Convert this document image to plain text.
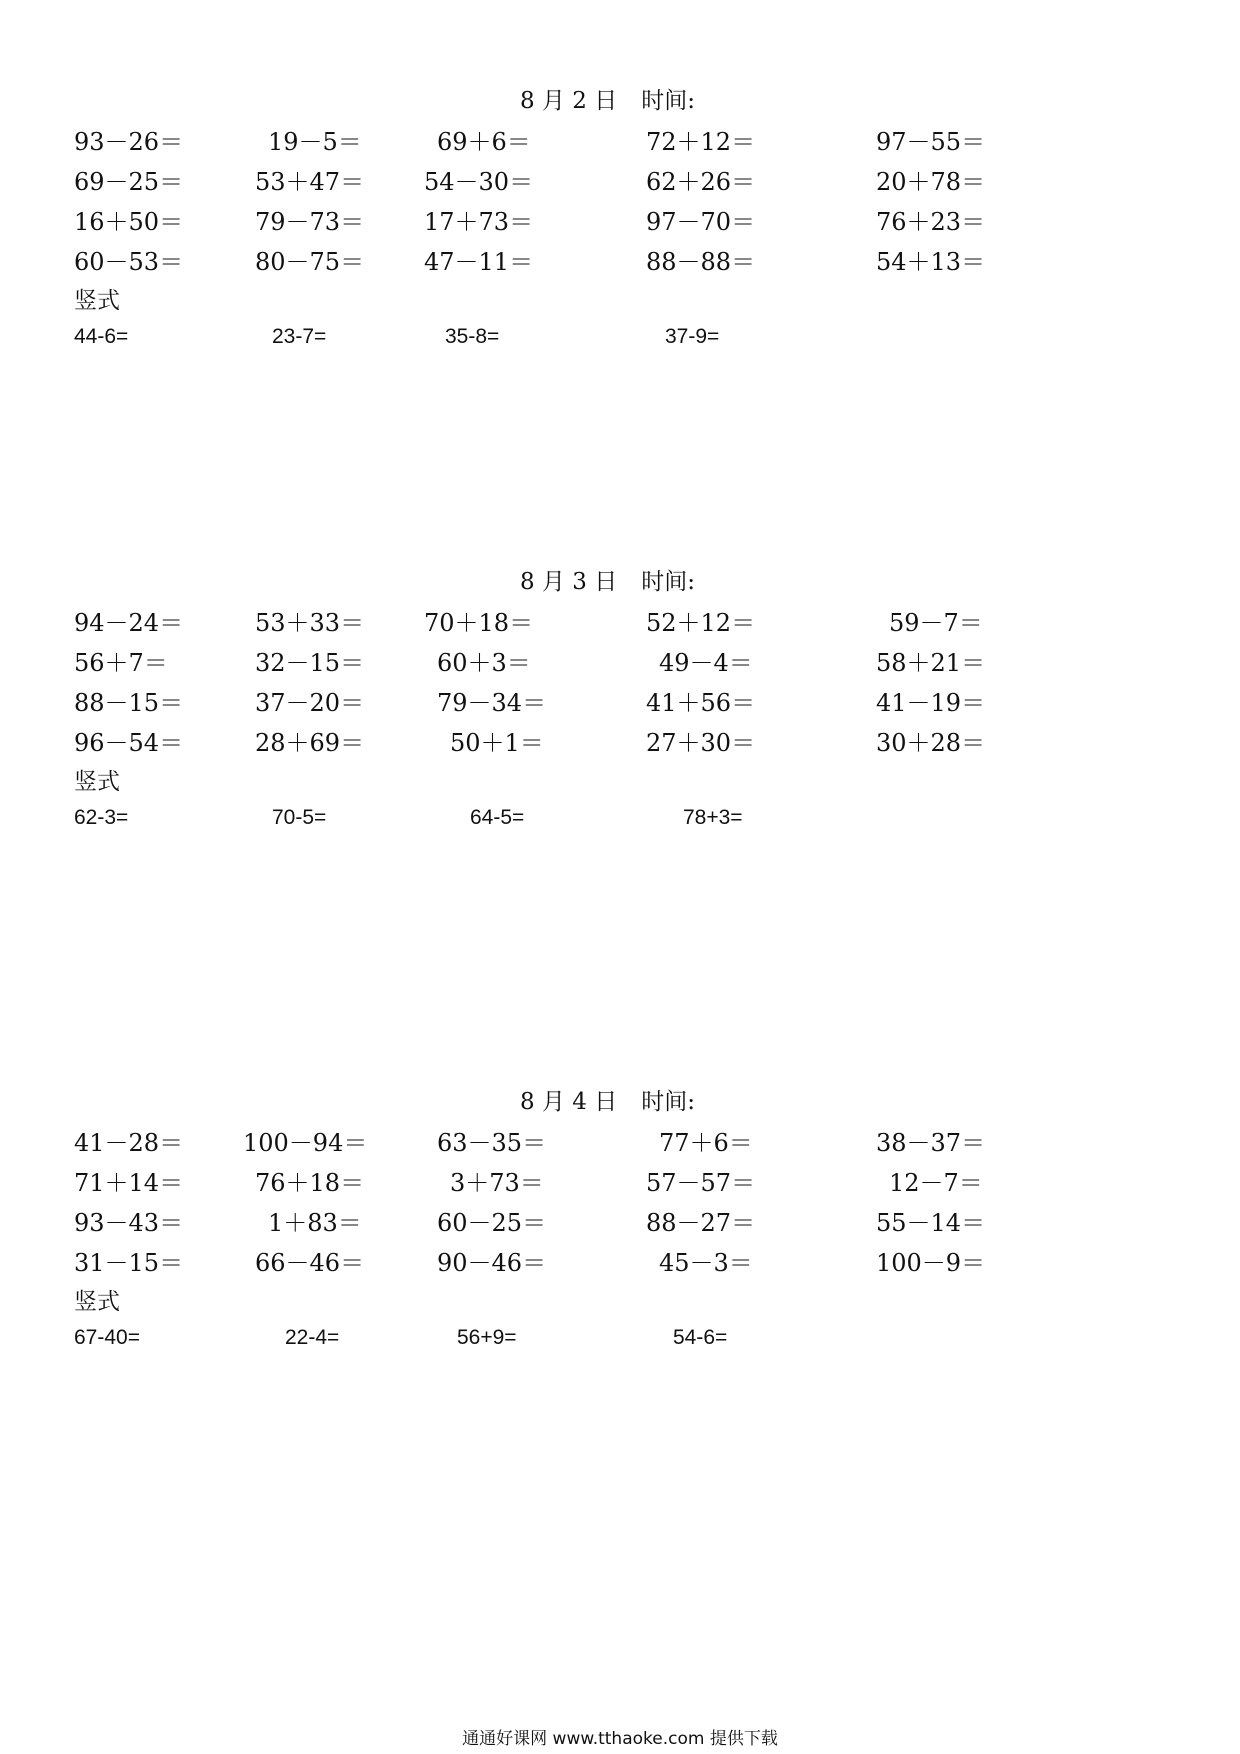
8 月 2 日 时间:
93－26＝	19－5＝	69＋6＝	72＋12＝	97－55＝
69－25＝	53＋47＝ 54－30＝	62＋26＝	20＋78＝
16＋50＝	79－73＝ 17＋73＝	97－70＝	76＋23＝
60－53＝	80－75＝ 47－11＝	88－88＝	54＋13＝
竖式
44-6=	23-7=	35-8=	37-9=
8 月 3 日 时间:
94－24＝	53＋33＝ 70＋18＝	52＋12＝	59－7＝
56＋7＝	32－15＝	60＋3＝	49－4＝	58＋21＝
88－15＝	37－20＝	79－34＝	41＋56＝	41－19＝
96－54＝	28＋69＝	50＋1＝	27＋30＝	30＋28＝
竖式
62-3=	70-5=	64-5=	78+3=
8 月 4 日 时间:
41－28＝ 100－94＝	63－35＝	77＋6＝	38－37＝
71＋14＝	76＋18＝	3＋73＝	57－57＝	12－7＝
93－43＝	1＋83＝	60－25＝	88－27＝	55－14＝
31－15＝	66－46＝	90－46＝	45－3＝	100－9＝
竖式
67-40=	22-4=	56+9=	54-6=
通通好课网 www.tthaoke.com 提供下载
